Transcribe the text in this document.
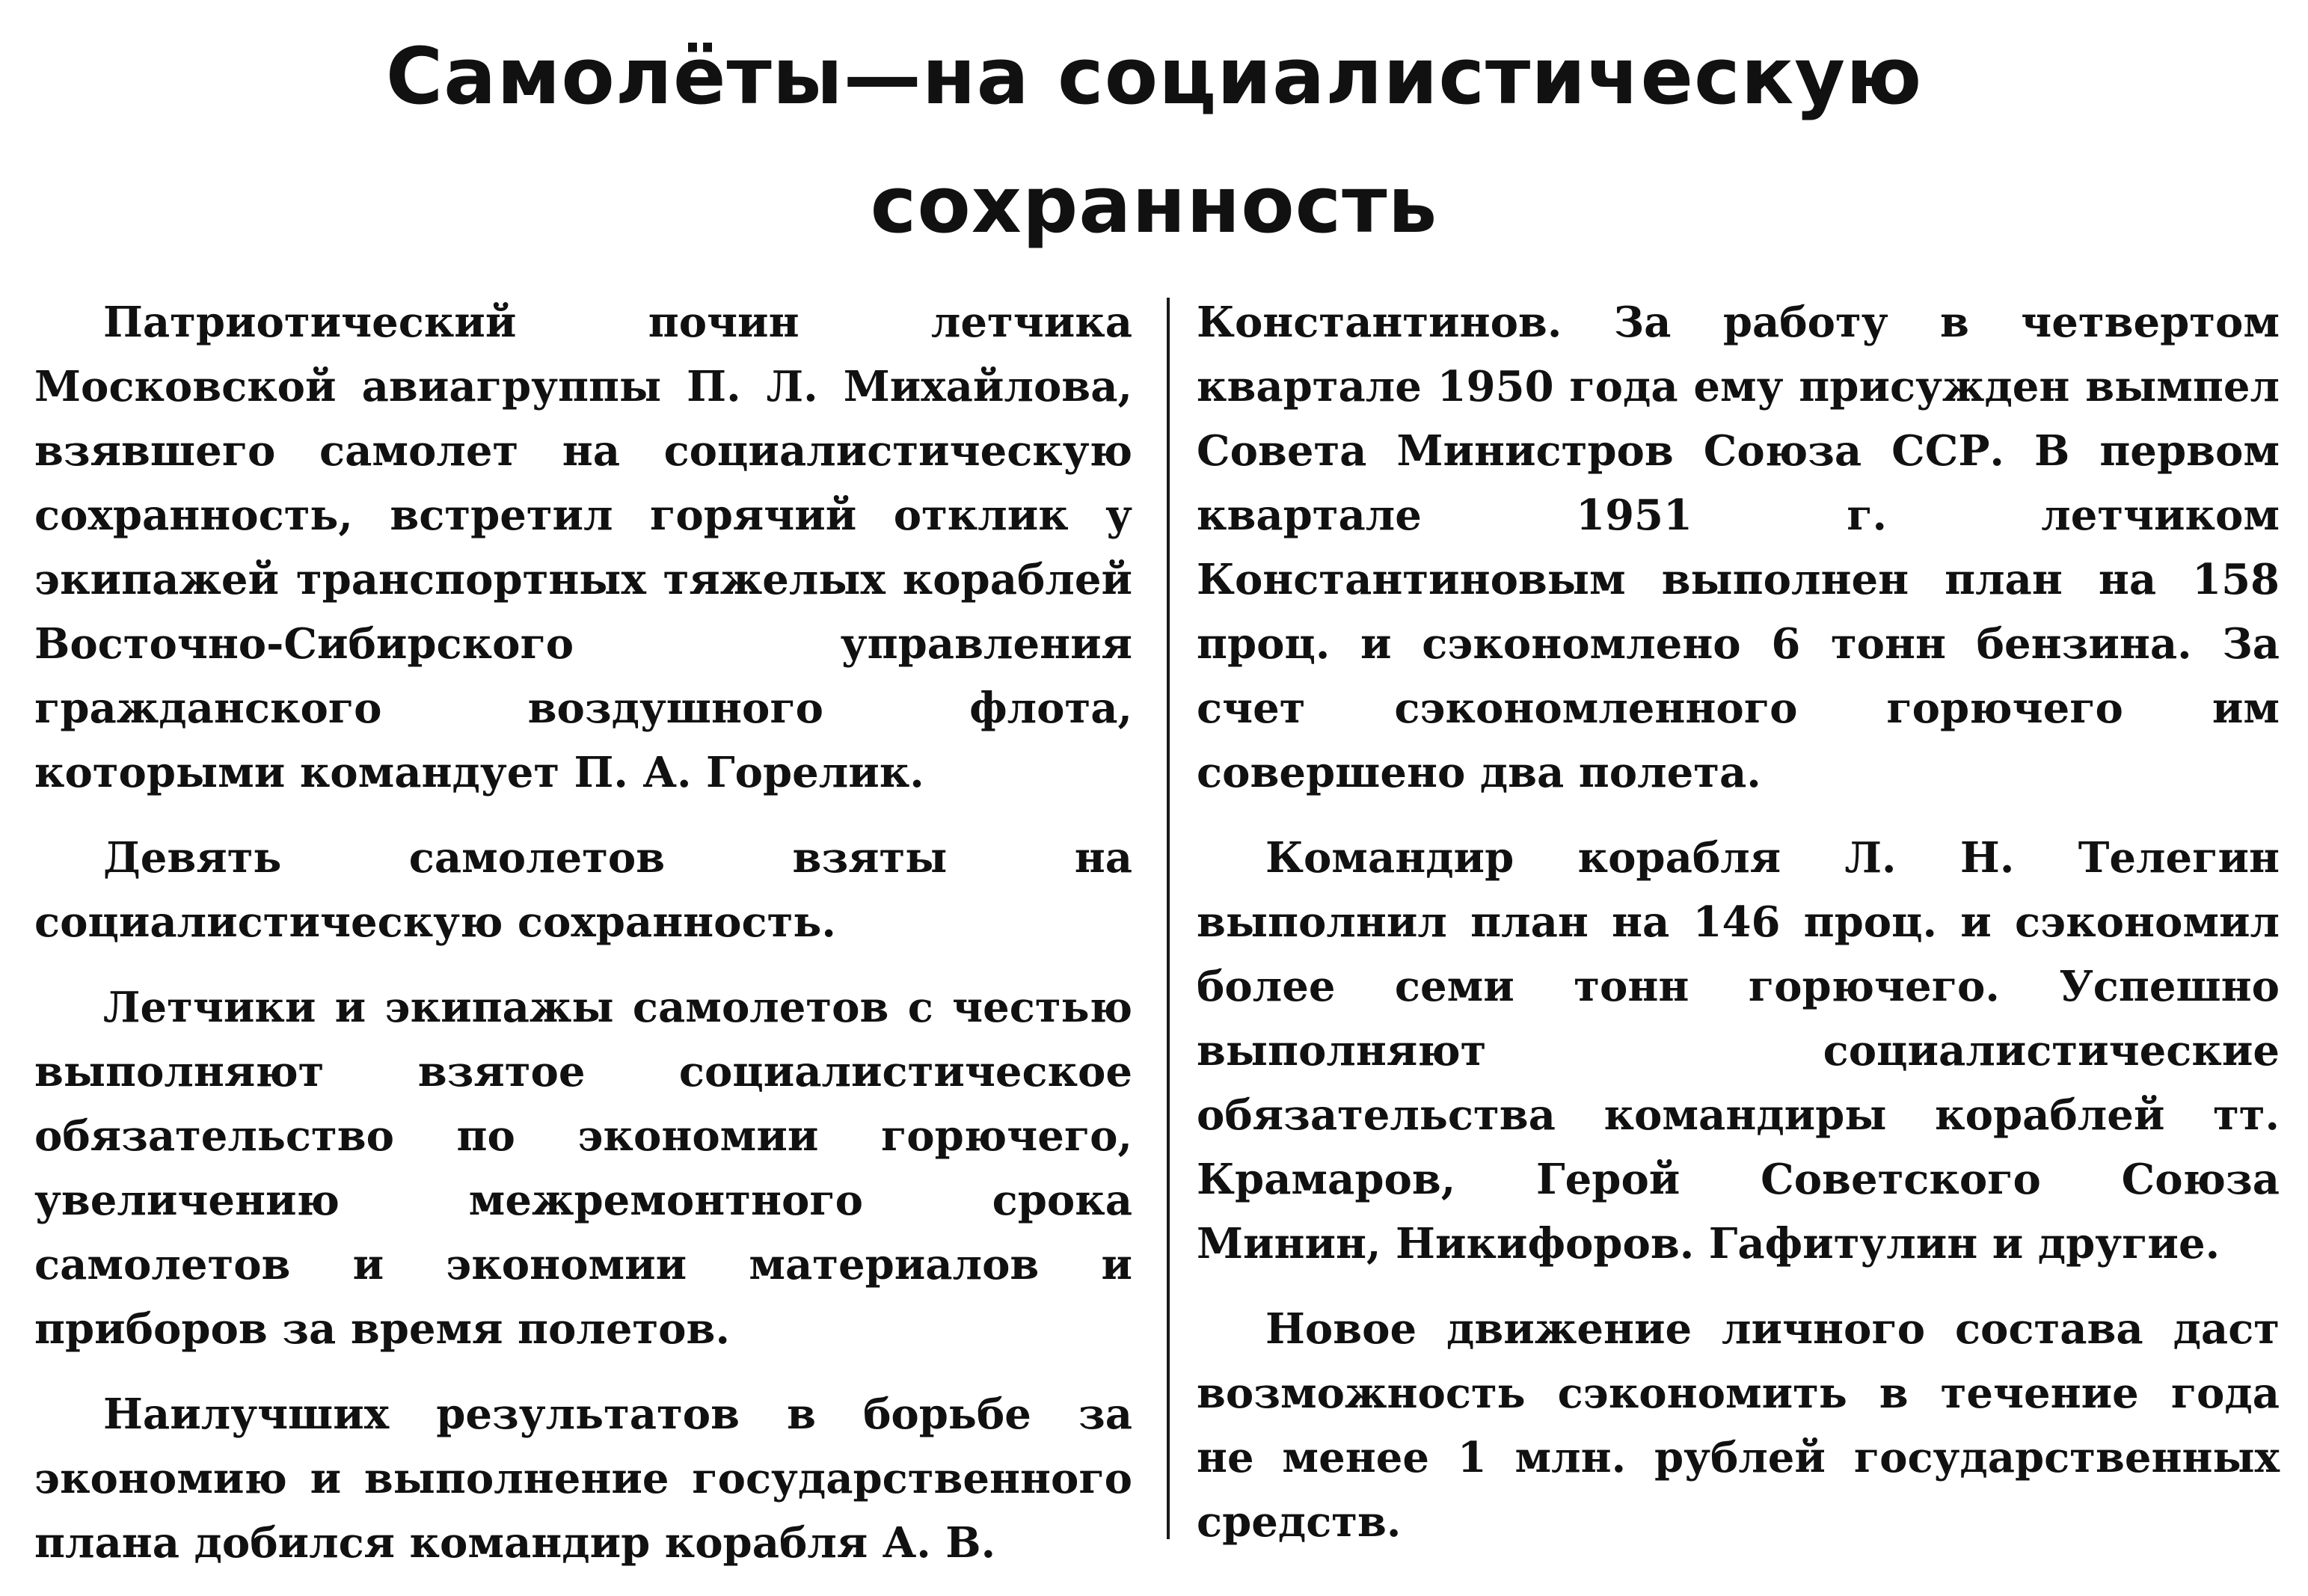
Самолёты—на социалистическую
сохранность

Патриотический почин летчика Московской авиагруппы П. Л. Михайлова, взявшего самолет на социалистическую сохранность, встретил горячий отклик у экипажей транспортных тяжелых кораблей Восточно-Сибирского управления гражданского воздушного флота, которыми командует П. А. Горелик.

Девять самолетов взяты на социалистическую сохранность.

Летчики и экипажы самолетов с честью выполняют взятое социалистическое обязательство по экономии горючего, увеличению межремонтного срока самолетов и экономии материалов и приборов за время полетов.

Наилучших результатов в борьбе за экономию и выполнение государственного плана добился командир корабля А. В.

Константинов. За работу в четвертом квартале 1950 года ему присужден вымпел Совета Министров Союза ССР. В первом квартале 1951 г. летчиком Константиновым выполнен план на 158 проц. и сэкономлено 6 тонн бензина. За счет сэкономленного горючего им совершено два полета.

Командир корабля Л. Н. Телегин выполнил план на 146 проц. и сэкономил более семи тонн горючего. Успешно выполняют социалистические обязательства командиры кораблей тт. Крамаров, Герой Советского Союза Минин, Никифоров. Гафитулин и другие.

Новое движение личного состава даст возможность сэкономить в течение года не менее 1 млн. рублей государственных средств.
